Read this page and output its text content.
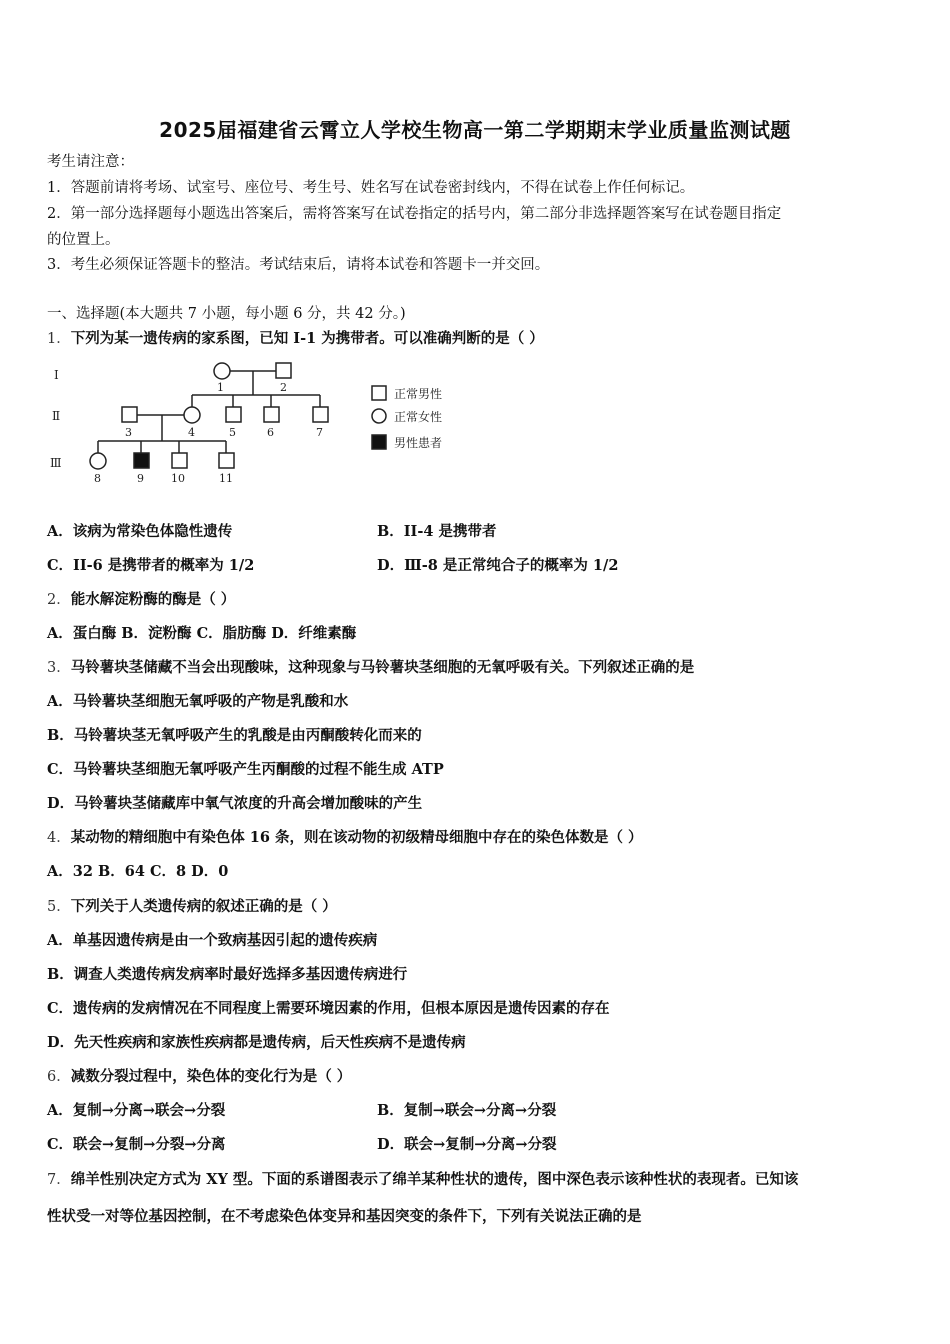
2025届福建省云霄立人学校生物高一第二学期期末学业质量监测试题
考生请注意：
1．答题前请将考场、试室号、座位号、考生号、姓名写在试卷密封线内，不得在试卷上作任何标记。
2．第一部分选择题每小题选出答案后，需将答案写在试卷指定的括号内，第二部分非选择题答案写在试卷题目指定
的位置上。
3．考生必须保证答题卡的整洁。考试结束后，请将本试卷和答题卡一并交回。
一、选择题(本大题共 7 小题，每小题 6 分，共 42 分。)
1．下列为某一遗传病的家系图，已知 I-1 为携带者。可以准确判断的是（ ）
Ⅰ
Ⅱ
Ⅲ
1	2
3	4	5	6	7
8	9 10	11
正常男性
正常女性
男性患者
A．该病为常染色体隐性遗传	B．II-4 是携带者
C．II-6 是携带者的概率为 1/2	D．Ⅲ-8 是正常纯合子的概率为 1/2
2．能水解淀粉酶的酶是（ ）
A．蛋白酶 B．淀粉酶 C．脂肪酶 D．纤维素酶
3．马铃薯块茎储藏不当会出现酸味，这种现象与马铃薯块茎细胞的无氧呼吸有关。下列叙述正确的是
A．马铃薯块茎细胞无氧呼吸的产物是乳酸和水
B．马铃薯块茎无氧呼吸产生的乳酸是由丙酮酸转化而来的
C．马铃薯块茎细胞无氧呼吸产生丙酮酸的过程不能生成 ATP
D．马铃薯块茎储藏库中氧气浓度的升高会增加酸味的产生
4．某动物的精细胞中有染色体 16 条，则在该动物的初级精母细胞中存在的染色体数是（ ）
A．32 B．64 C．8 D．0
5．下列关于人类遗传病的叙述正确的是（ ）
A．单基因遗传病是由一个致病基因引起的遗传疾病
B．调查人类遗传病发病率时最好选择多基因遗传病进行
C．遗传病的发病情况在不同程度上需要环境因素的作用，但根本原因是遗传因素的存在
D．先天性疾病和家族性疾病都是遗传病，后天性疾病不是遗传病
6．减数分裂过程中，染色体的变化行为是（ ）
A．复制→分离→联会→分裂	B．复制→联会→分离→分裂
C．联会→复制→分裂→分离	D．联会→复制→分离→分裂
7．绵羊性别决定方式为 XY 型。下面的系谱图表示了绵羊某种性状的遗传，图中深色表示该种性状的表现者。已知该
性状受一对等位基因控制，在不考虑染色体变异和基因突变的条件下，下列有关说法正确的是
